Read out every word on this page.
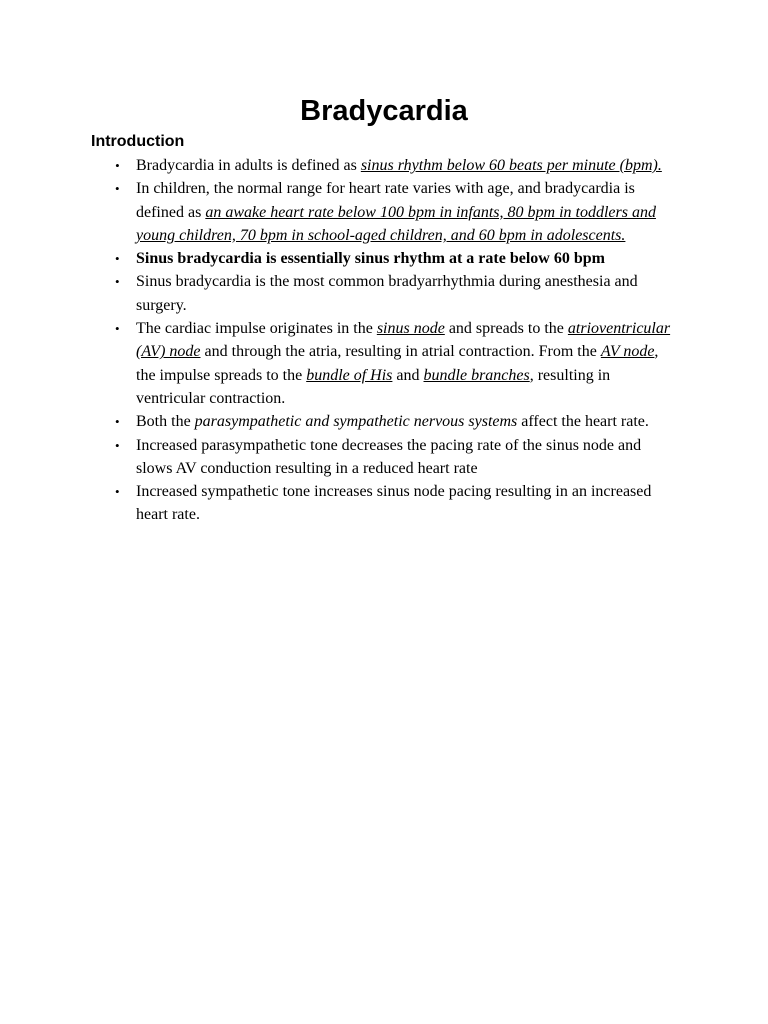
Bradycardia
Introduction
•	Bradycardia in adults is defined as sinus rhythm below 60 beats per minute (bpm).
•	In children, the normal range for heart rate varies with age, and bradycardia is defined as an awake heart rate below 100 bpm in infants, 80 bpm in toddlers and young children, 70 bpm in school-aged children, and 60 bpm in adolescents.
•	Sinus bradycardia is essentially sinus rhythm at a rate below 60 bpm
•	Sinus bradycardia is the most common bradyarrhythmia during anesthesia and surgery.
•	The cardiac impulse originates in the sinus node and spreads to the atrioventricular (AV) node and through the atria, resulting in atrial contraction. From the AV node, the impulse spreads to the bundle of His and bundle branches, resulting in ventricular contraction.
•	Both the parasympathetic and sympathetic nervous systems affect the heart rate.
•	Increased parasympathetic tone decreases the pacing rate of the sinus node and slows AV conduction resulting in a reduced heart rate
•	Increased sympathetic tone increases sinus node pacing resulting in an increased heart rate.
